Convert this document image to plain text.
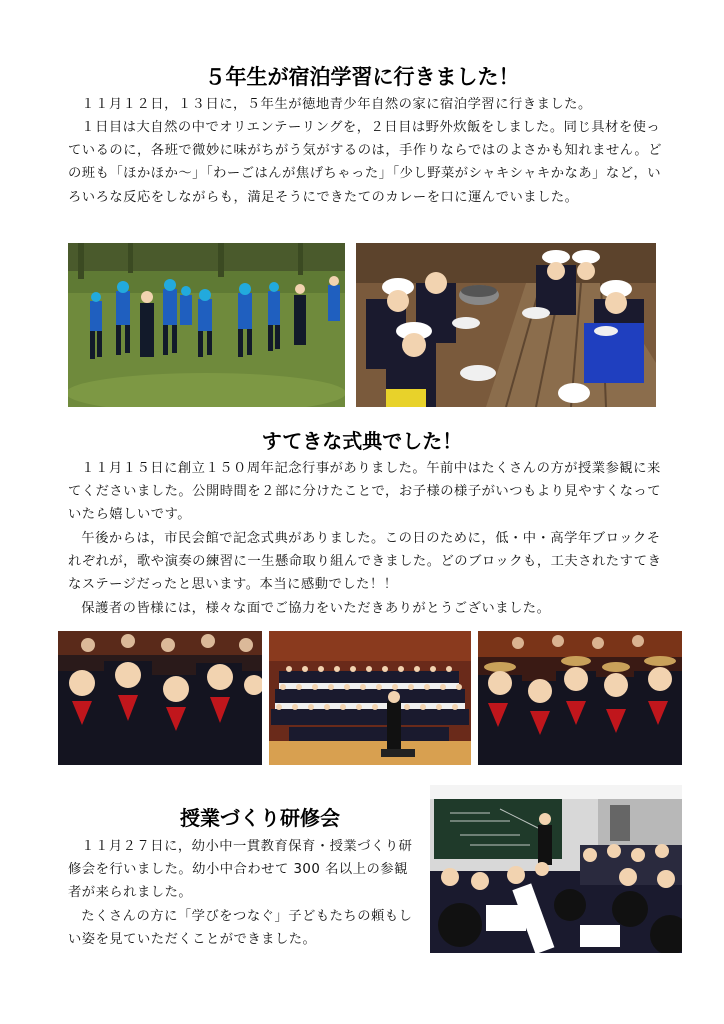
５年生が宿泊学習に行きました！

１１月１２日，１３日に，５年生が徳地青少年自然の家に宿泊学習に行きました。

１日目は大自然の中でオリエンテーリングを，２日目は野外炊飯をしました。同じ具材を使っているのに，各班で微妙に味がちがう気がするのは，手作りならではのよさかも知れません。どの班も「ほかほか～」「わーごはんが焦げちゃった」「少し野菜がシャキシャキかなあ」など，いろいろな反応をしながらも，満足そうにできたてのカレーを口に運んでいました。

すてきな式典でした！

１１月１５日に創立１５０周年記念行事がありました。午前中はたくさんの方が授業参観に来てくださいました。公開時間を２部に分けたことで，お子様の様子がいつもより見やすくなっていたら嬉しいです。

午後からは，市民会館で記念式典がありました。この日のために，低・中・高学年ブロックそれぞれが，歌や演奏の練習に一生懸命取り組んできました。どのブロックも，工夫されたすてきなステージだったと思います。本当に感動でした！！

保護者の皆様には，様々な面でご協力をいただきありがとうございました。

授業づくり研修会

１１月２７日に，幼小中一貫教育保育・授業づくり研修会を行いました。幼小中合わせて 300 名以上の参観者が来られました。

たくさんの方に「学びをつなぐ」子どもたちの頼もしい姿を見ていただくことができました。
